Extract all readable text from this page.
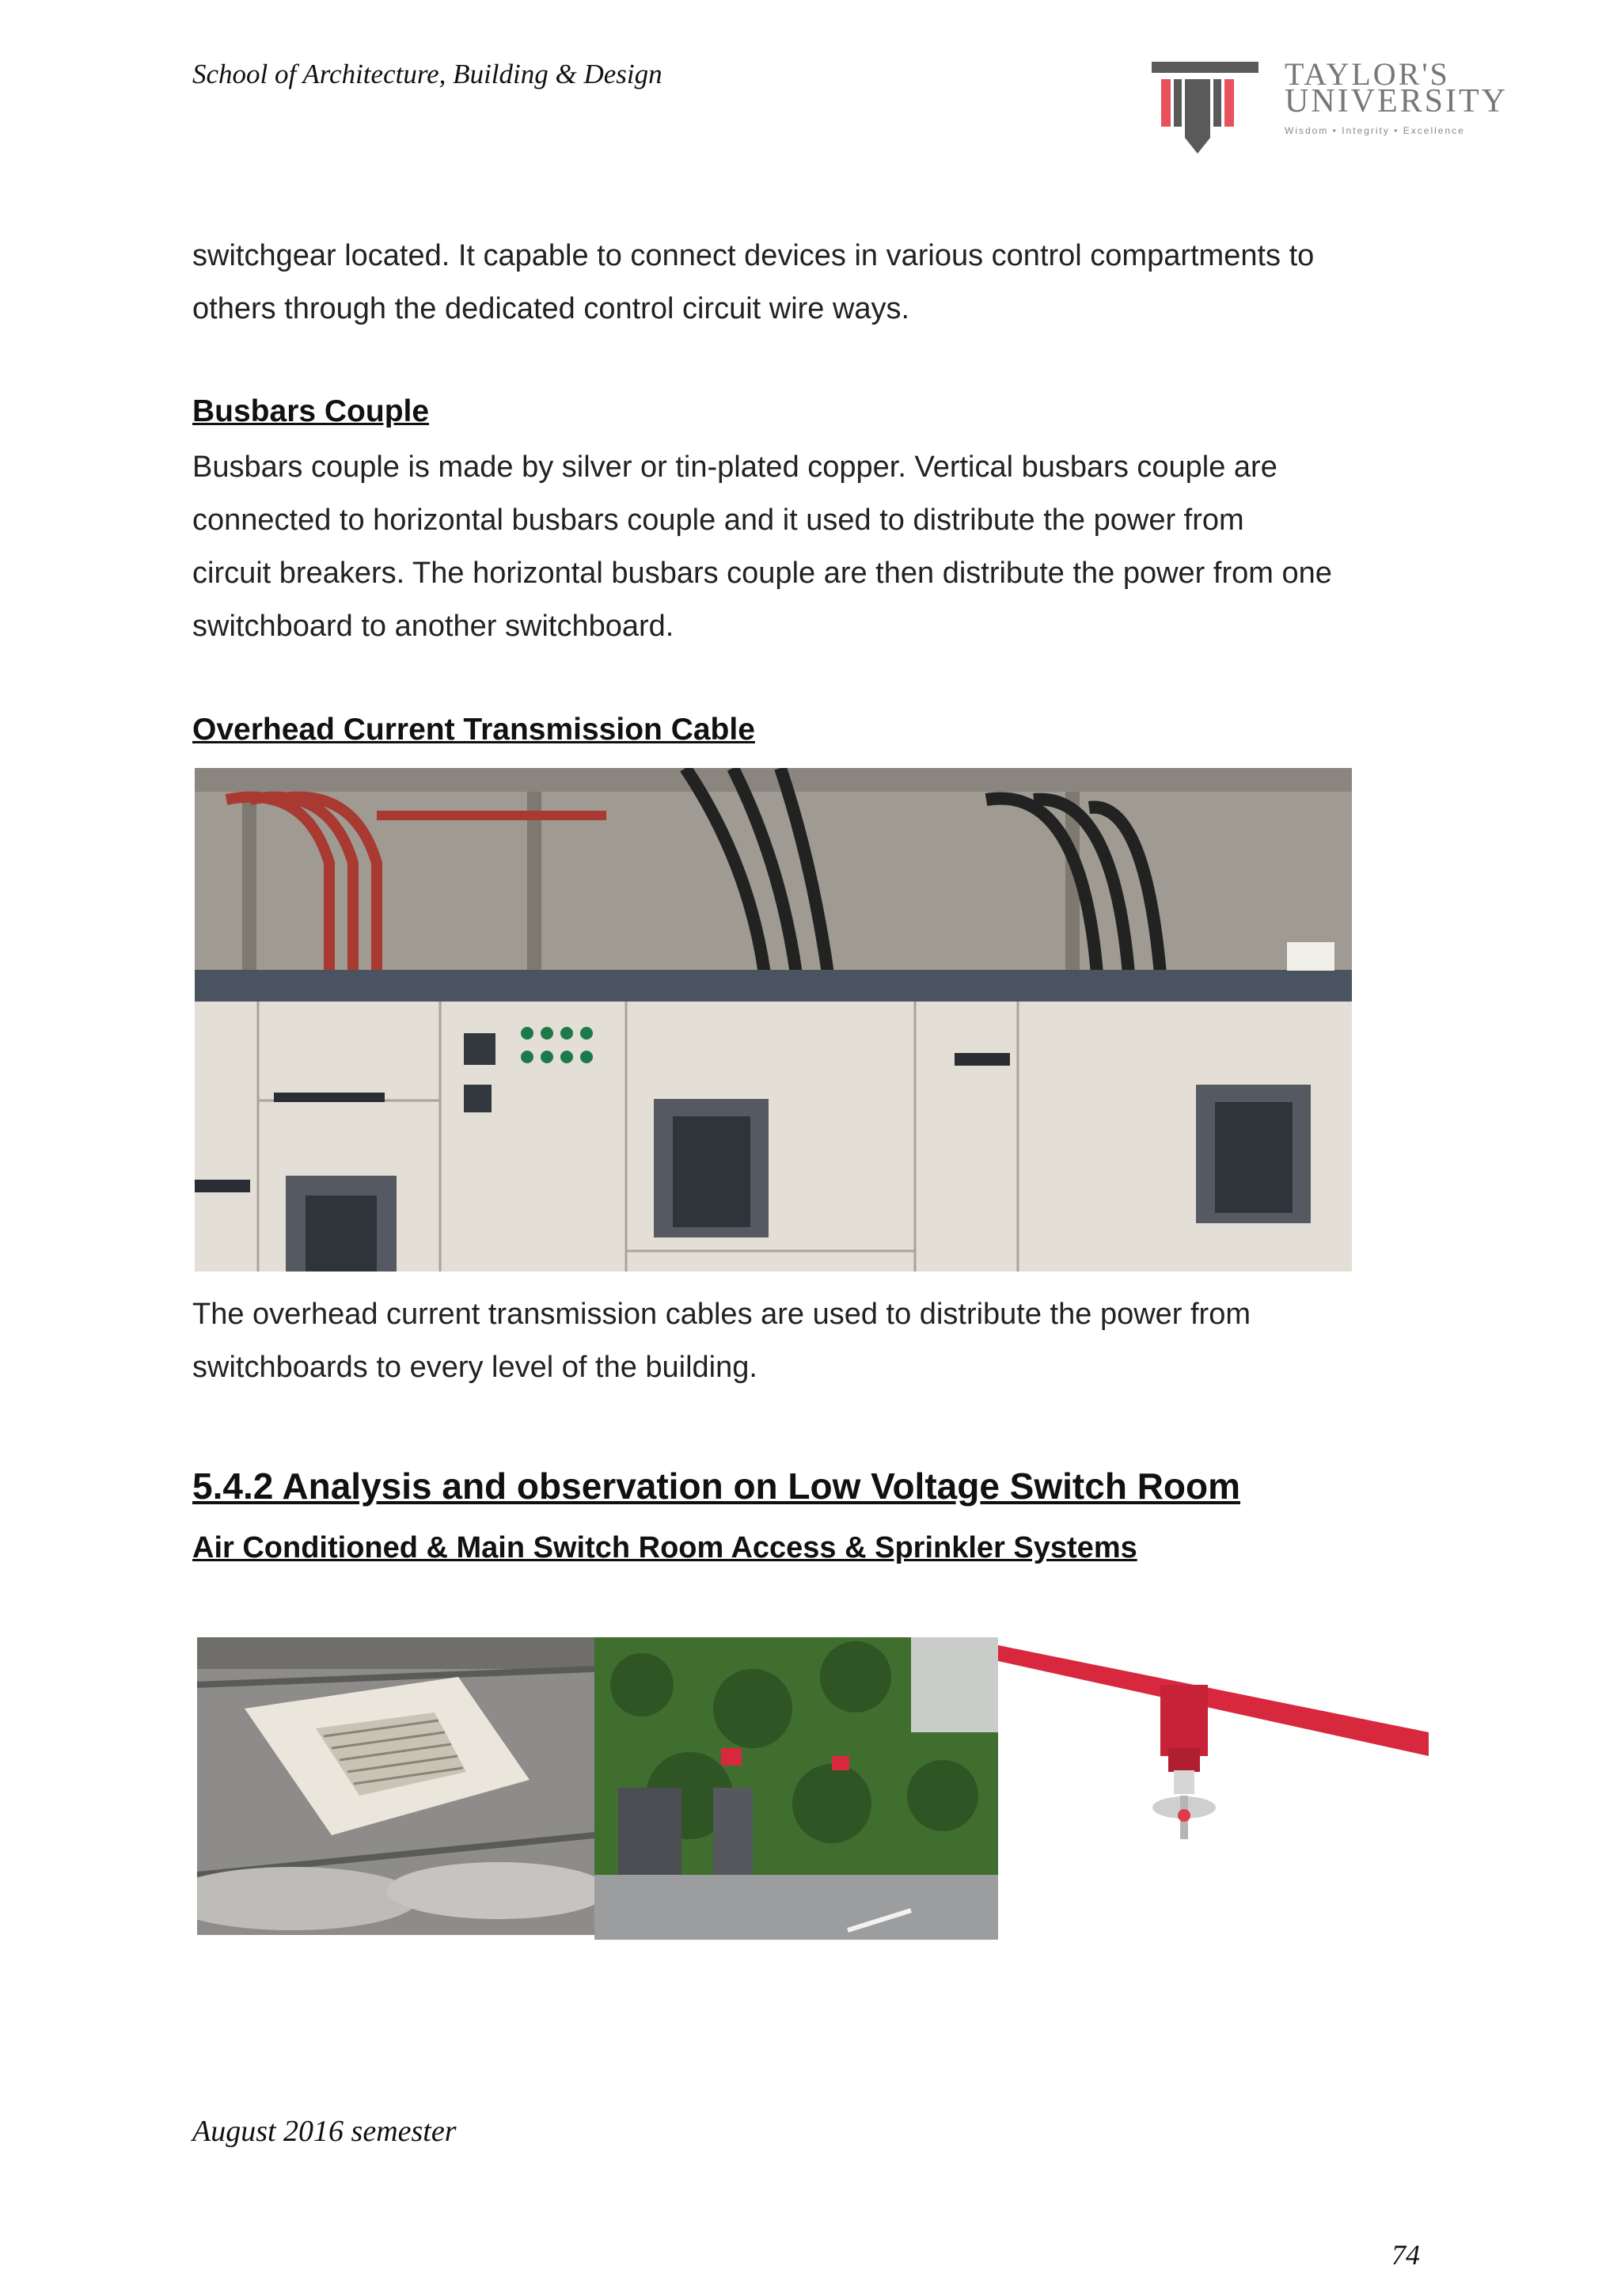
School of Architecture, Building & Design	TAYLOR'S
UNIVERSITY
Wisdom • Integrity • Excellence
switchgear located. It capable to connect devices in various control compartments to
others through the dedicated control circuit wire ways.
Busbars Couple
Busbars couple is made by silver or tin-plated copper. Vertical busbars couple are
connected to horizontal busbars couple and it used to distribute the power from
circuit breakers. The horizontal busbars couple are then distribute the power from one
switchboard to another switchboard.
Overhead Current Transmission Cable
The overhead current transmission cables are used to distribute the power from
switchboards to every level of the building.
5.4.2 Analysis and observation on Low Voltage Switch Room
Air Conditioned & Main Switch Room Access & Sprinkler Systems
August 2016 semester
74
